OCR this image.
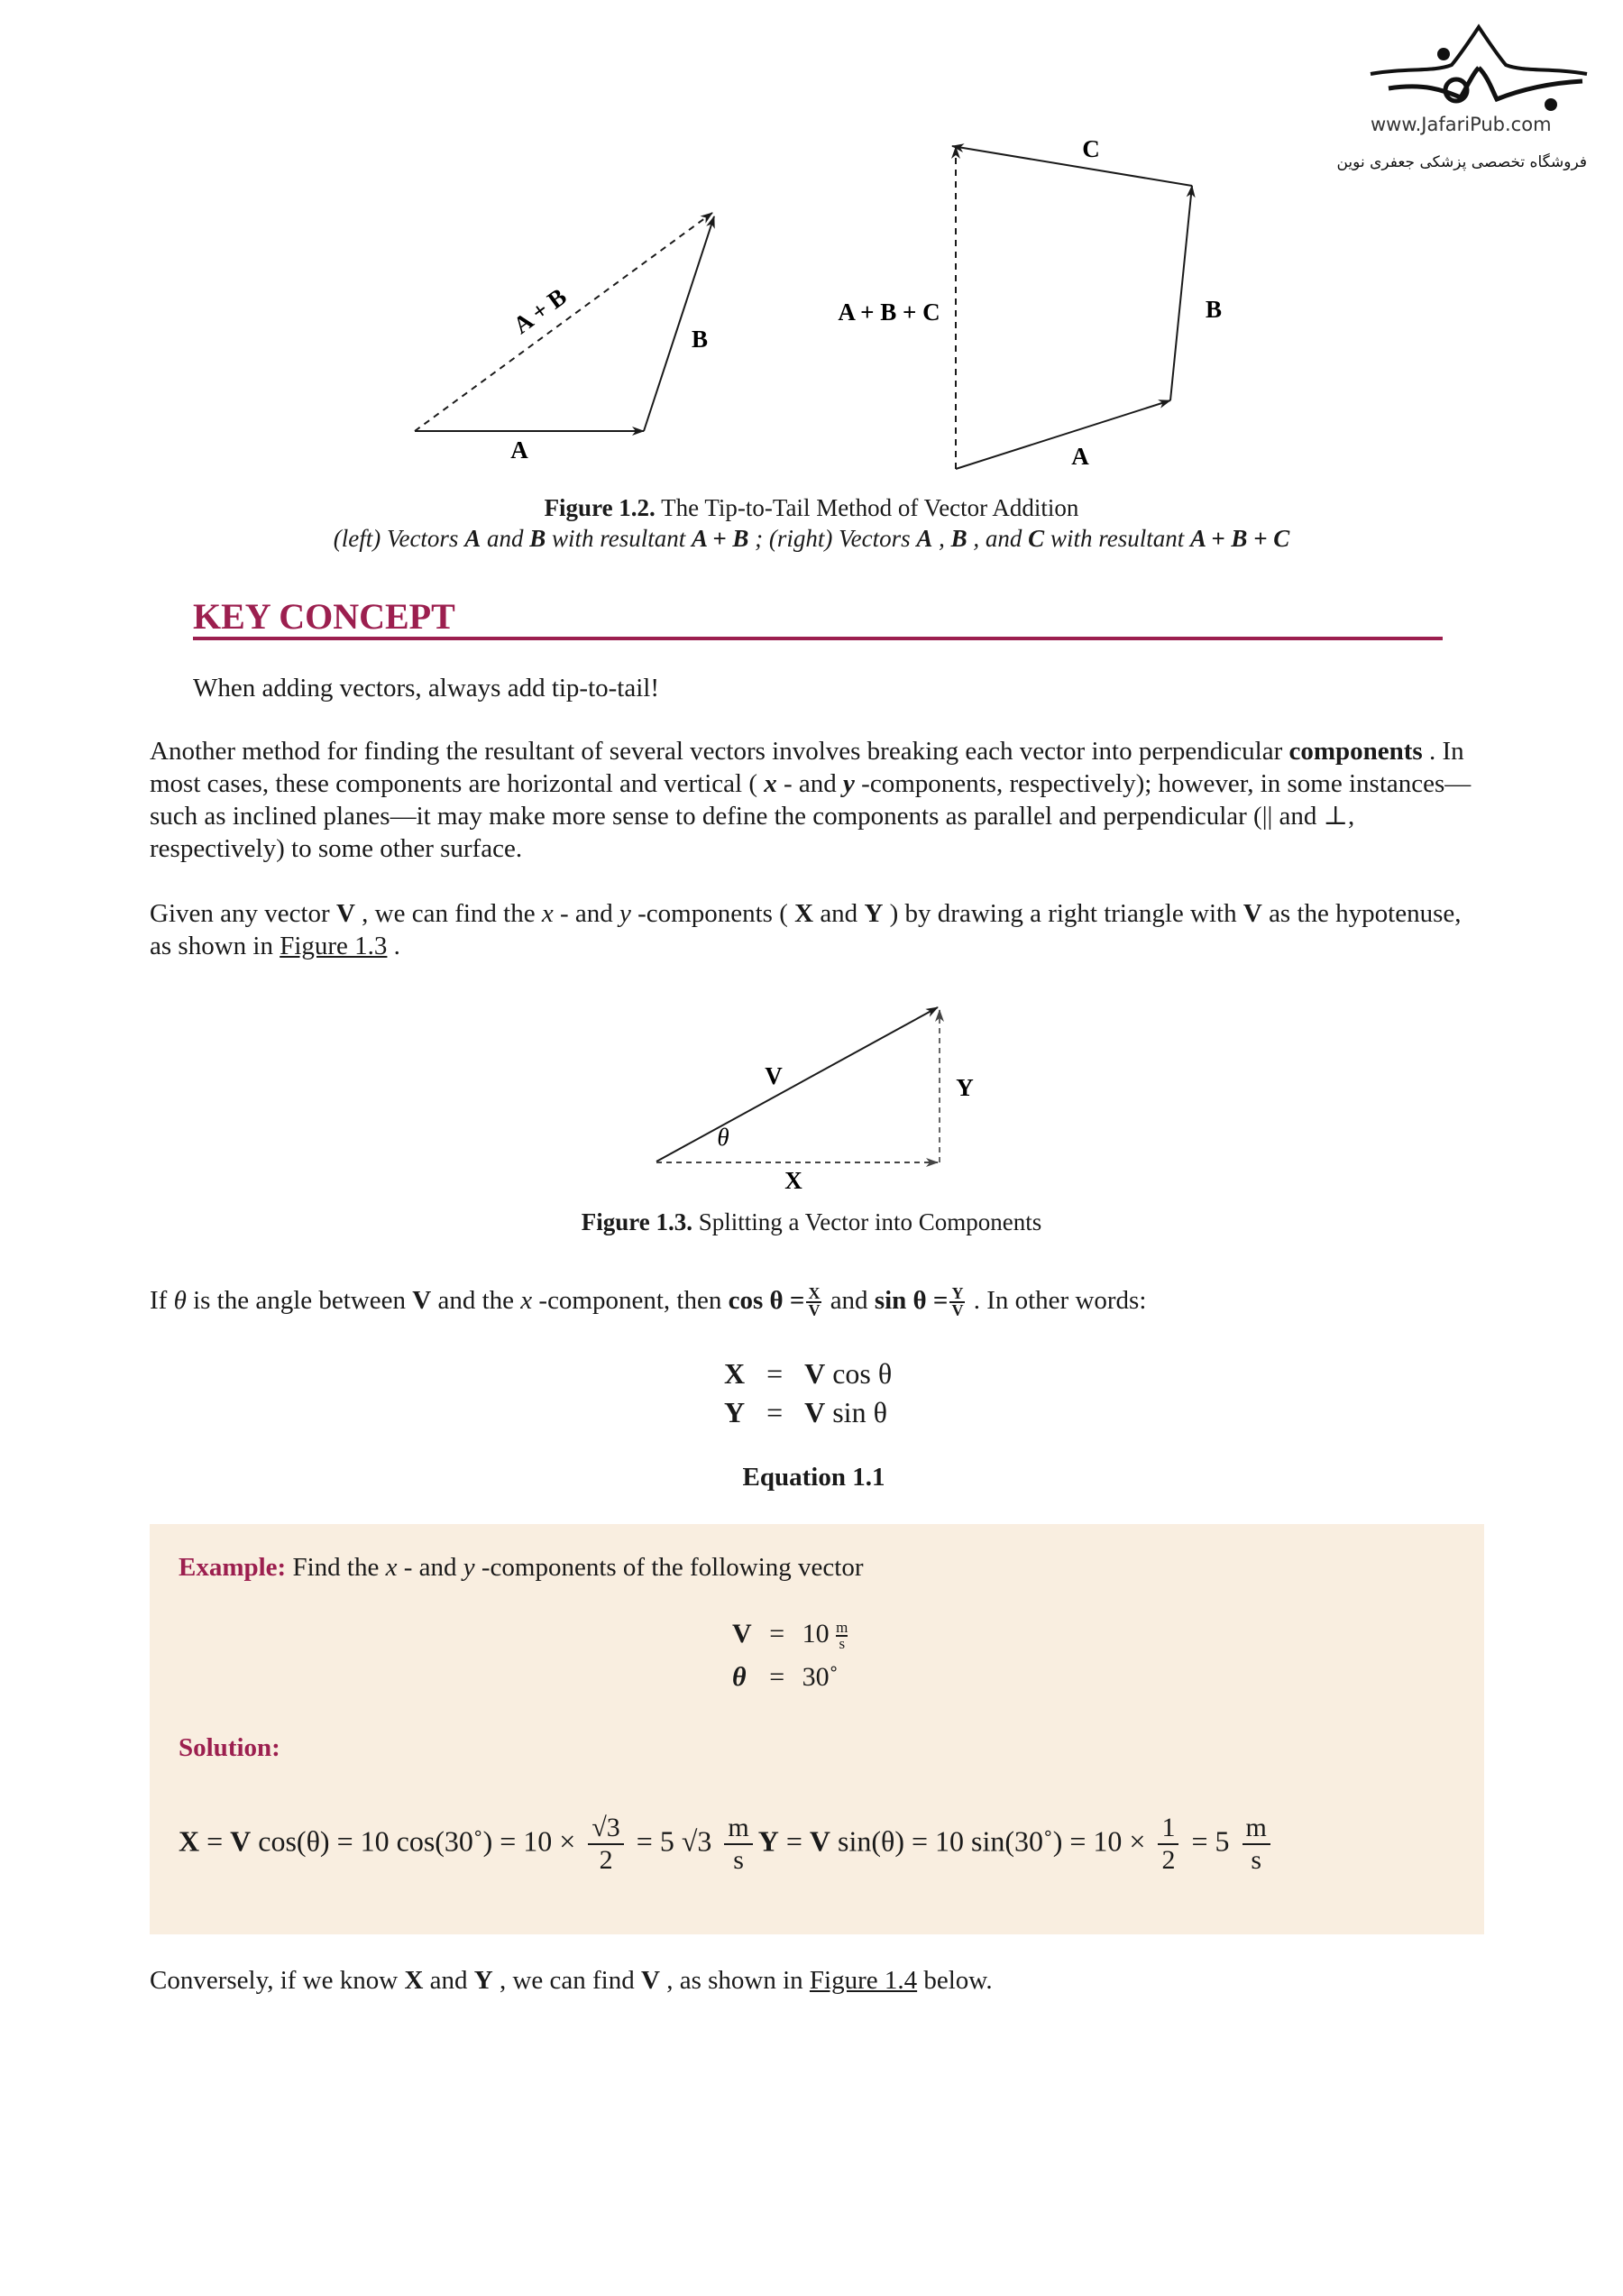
www.JafariPub.com
فروشگاه تخصصی پزشکی جعفری نوین
A
B
A + B
A
B
C
A + B + C
Figure 1.2. The Tip-to-Tail Method of Vector Addition
(left) Vectors A and B with resultant A + B ; (right) Vectors A , B , and C with resultant A + B + C
KEY CONCEPT
When adding vectors, always add tip-to-tail!
Another method for finding the resultant of several vectors involves breaking each vector into perpendicular components . In most cases, these components are horizontal and vertical ( x - and y -components, respectively); however, in some instances—such as inclined planes—it may make more sense to define the components as parallel and perpendicular (|| and ⊥, respectively) to some other surface.
Given any vector V , we can find the x - and y -components ( X and Y ) by drawing a right triangle with V as the hypotenuse, as shown in Figure 1.3 .
V	Y
X
θ
Figure 1.3. Splitting a Vector into Components
If θ is the angle between V and the x -component, then $\cos \theta = \frac{X}{V}$ and $\sin \theta = \frac{Y}{V}$ . In other words:
X = V cos θ
Y = V sin θ
Equation 1.1
Example: Find the x - and y -components of the following vector
$V = 10 \frac{m}{s}$
θ = 30˚
Solution:
X = V cos(θ) = 10 cos(30˚) = $10 \times \frac{√3}{2} = 5$ $√3 \frac{m}{s}$ Y = V sin(θ) = 10 sin(30˚) = $10 \times \frac{1}{2} = 5 \frac{m}{s}$
Conversely, if we know X and Y , we can find V , as shown in Figure 1.4 below.
